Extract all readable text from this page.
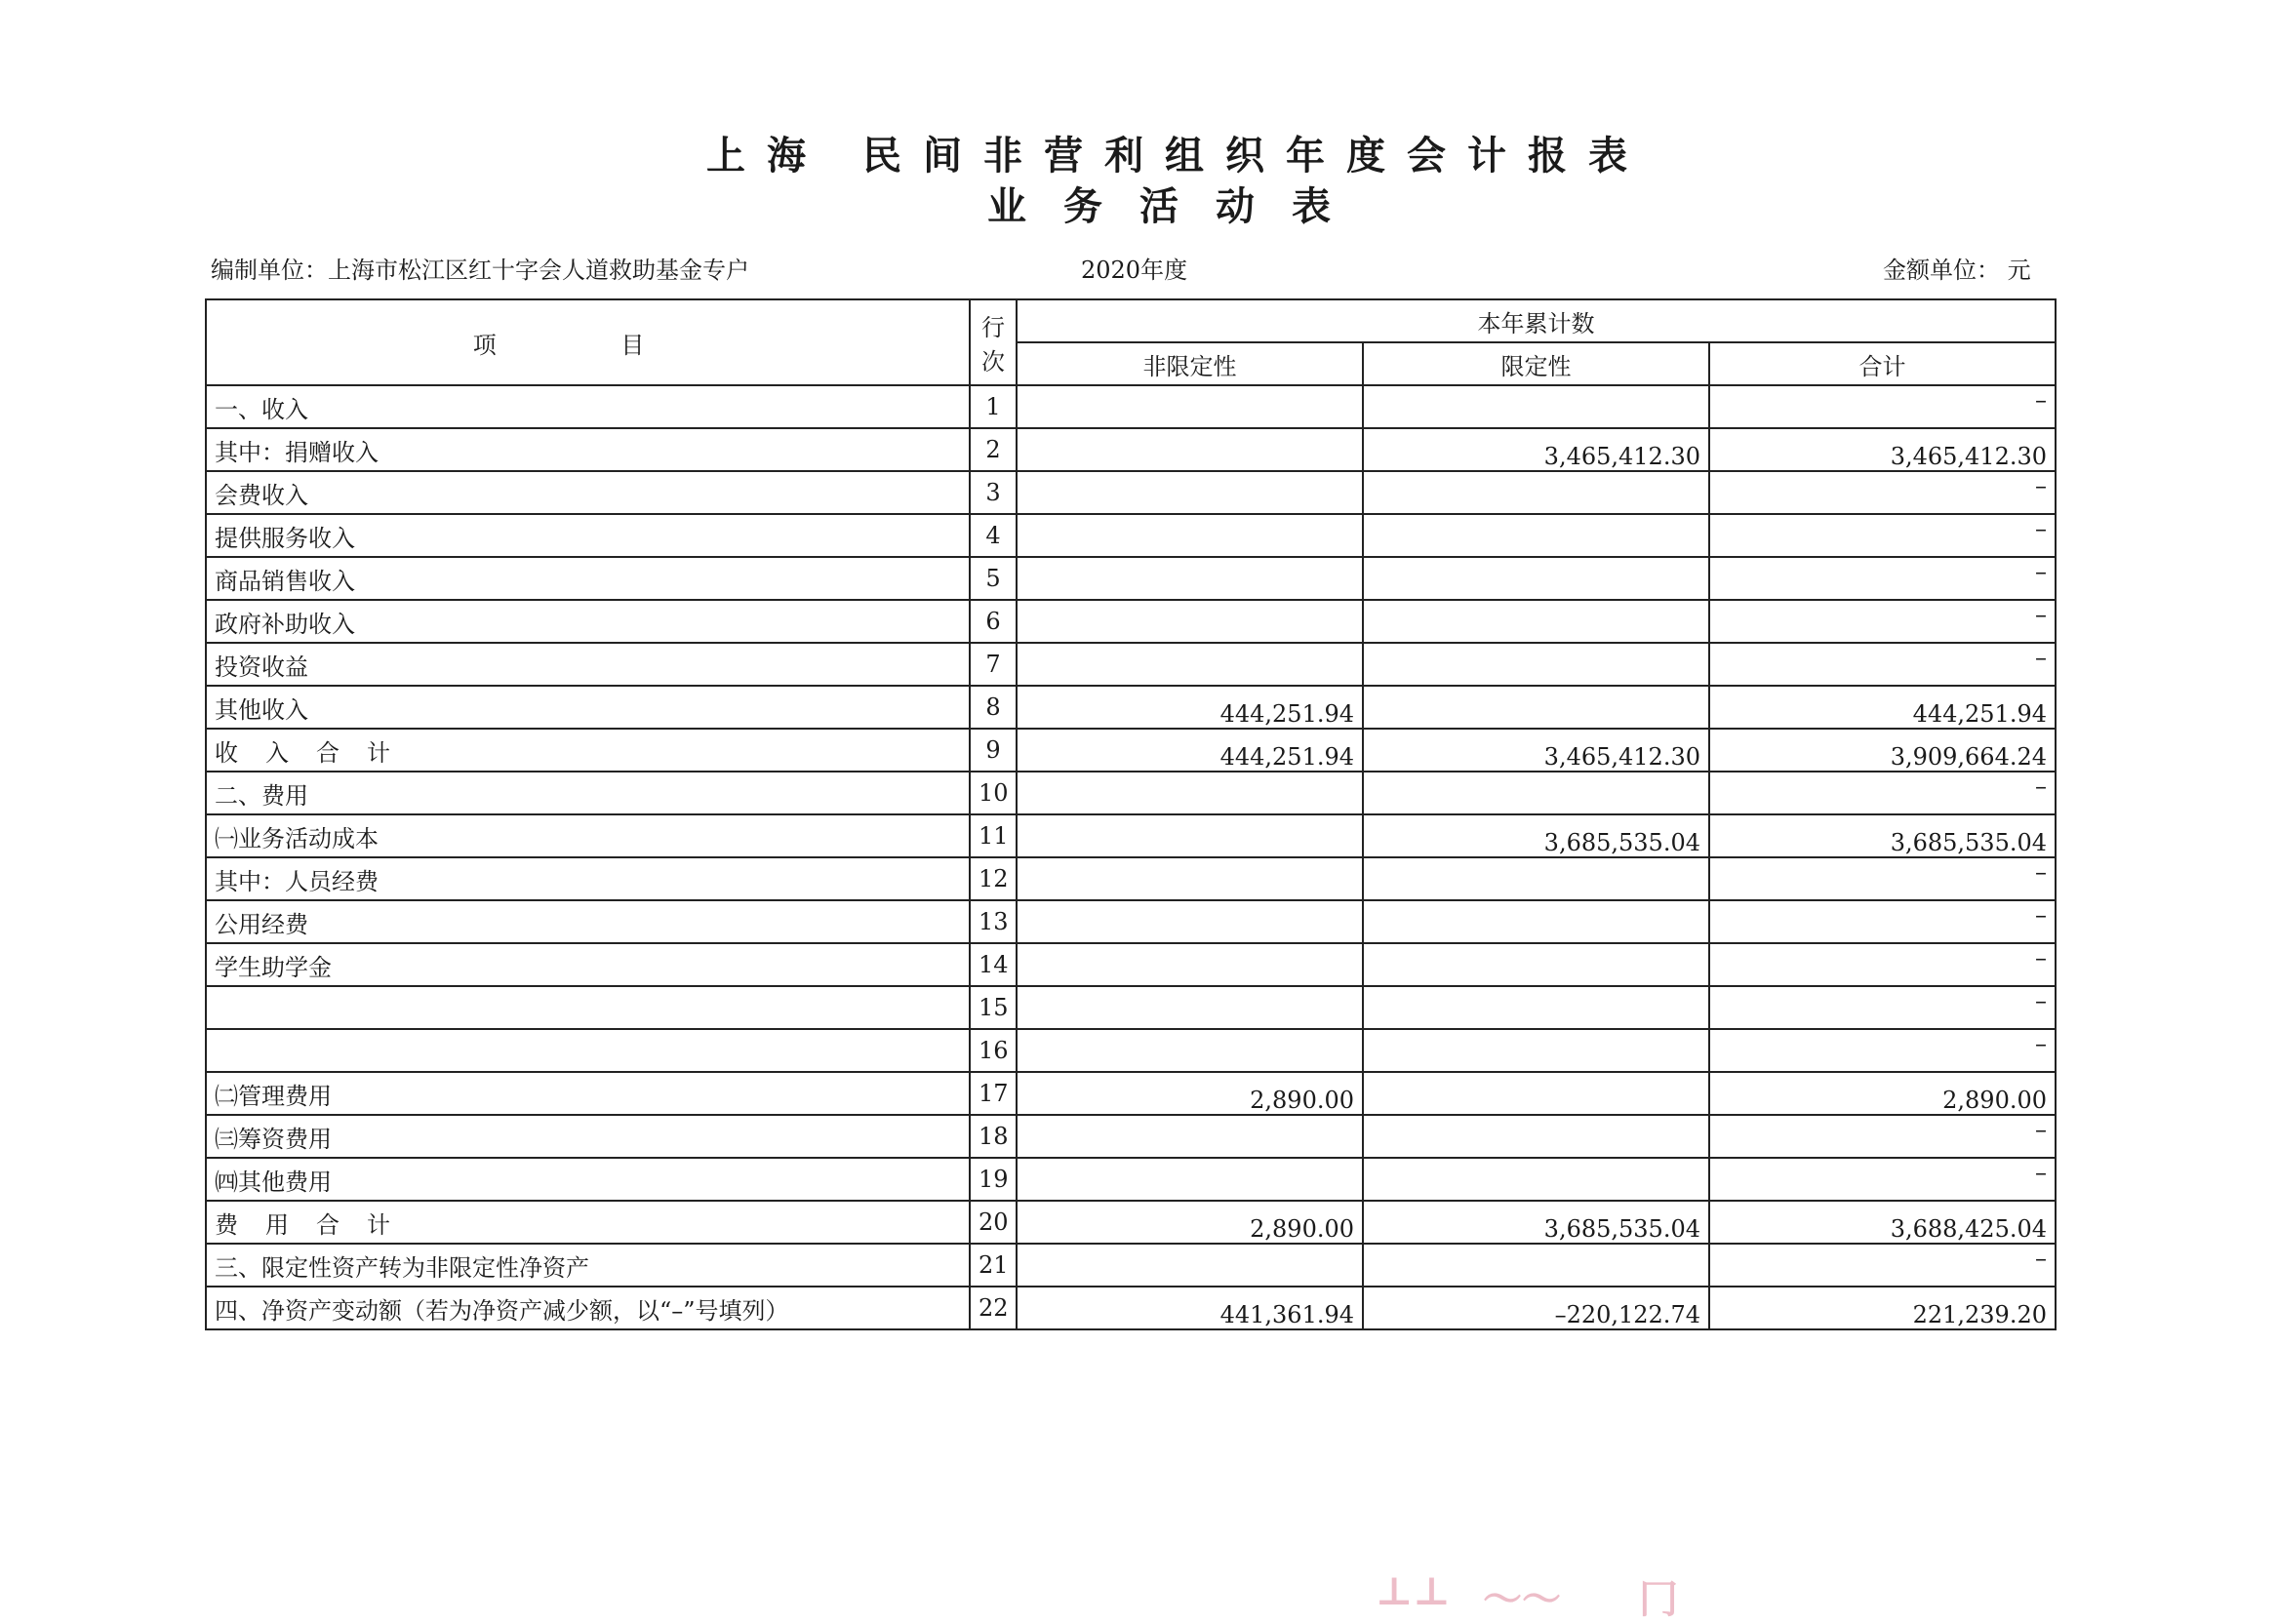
上海 民间非营利组织年度会计报表
业务活动表
编制单位：上海市松江区红十字会人道救助基金专户	2020年度	金额单位： 元
项 目	行次	本年累计数		
		非限定性	限定性	合计
一、收入	1			–
其中：捐赠收入	2		3,465,412.30	3,465,412.30
会费收入	3			–
提供服务收入	4			–
商品销售收入	5			–
政府补助收入	6			–
投资收益	7			–
其他收入	8	444,251.94		444,251.94
收入合计	9	444,251.94	3,465,412.30	3,909,664.24
二、费用	10			–
㈠业务活动成本	11		3,685,535.04	3,685,535.04
其中：人员经费	12			–
公用经费	13			–
学生助学金	14			–
	15			–
	16			–
㈡管理费用	17	2,890.00		2,890.00
㈢筹资费用	18			–
㈣其他费用	19			–
费用合计	20	2,890.00	3,685,535.04	3,688,425.04
三、限定性资产转为非限定性净资产	21			–
四、净资产变动额（若为净资产减少额，以“–”号填列）	22	441,361.94	–220,122.74	221,239.20
⊥⊥ ～～ 冂
